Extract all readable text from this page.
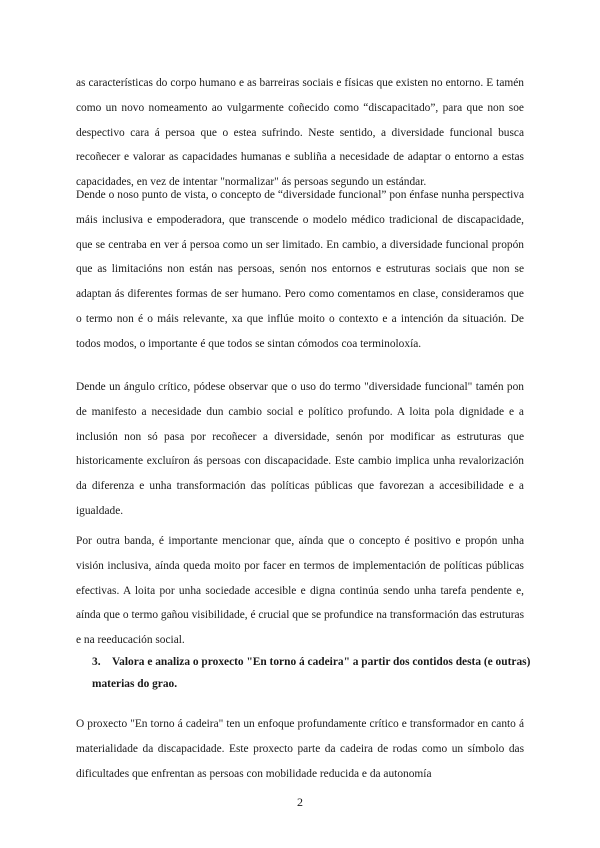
as características do corpo humano e as barreiras sociais e físicas que existen no entorno. E tamén como un novo nomeamento ao vulgarmente coñecido como “discapacitado”, para que non soe despectivo cara á persoa que o estea sufrindo. Neste sentido, a diversidade funcional busca recoñecer e valorar as capacidades humanas e subliña a necesidade de adaptar o entorno a estas capacidades, en vez de intentar "normalizar" ás persoas segundo un estándar.

Dende o noso punto de vista, o concepto de “diversidade funcional” pon énfase nunha perspectiva máis inclusiva e empoderadora, que transcende o modelo médico tradicional de discapacidade, que se centraba en ver á persoa como un ser limitado. En cambio, a diversidade funcional propón que as limitacións non están nas persoas, senón nos entornos e estruturas sociais que non se adaptan ás diferentes formas de ser humano. Pero como comentamos en clase, consideramos que o termo non é o máis relevante, xa que inflúe moito o contexto e a intención da situación. De todos modos, o importante é que todos se sintan cómodos coa terminoloxía.

Dende un ángulo crítico, pódese observar que o uso do termo "diversidade funcional" tamén pon de manifesto a necesidade dun cambio social e político profundo. A loita pola dignidade e a inclusión non só pasa por recoñecer a diversidade, senón por modificar as estruturas que historicamente excluíron ás persoas con discapacidade. Este cambio implica unha revalorización da diferenza e unha transformación das políticas públicas que favorezan a accesibilidade e a igualdade.

Por outra banda, é importante mencionar que, aínda que o concepto é positivo e propón unha visión inclusiva, aínda queda moito por facer en termos de implementación de políticas públicas efectivas. A loita por unha sociedade accesible e digna continúa sendo unha tarefa pendente e, aínda que o termo gañou visibilidade, é crucial que se profundice na transformación das estruturas e na reeducación social.

3. Valora e analiza o proxecto "En torno á cadeira" a partir dos contidos desta (e outras) materias do grao.

O proxecto "En torno á cadeira" ten un enfoque profundamente crítico e transformador en canto á materialidade da discapacidade. Este proxecto parte da cadeira de rodas como un símbolo das dificultades que enfrentan as persoas con mobilidade reducida e da autonomía

2
